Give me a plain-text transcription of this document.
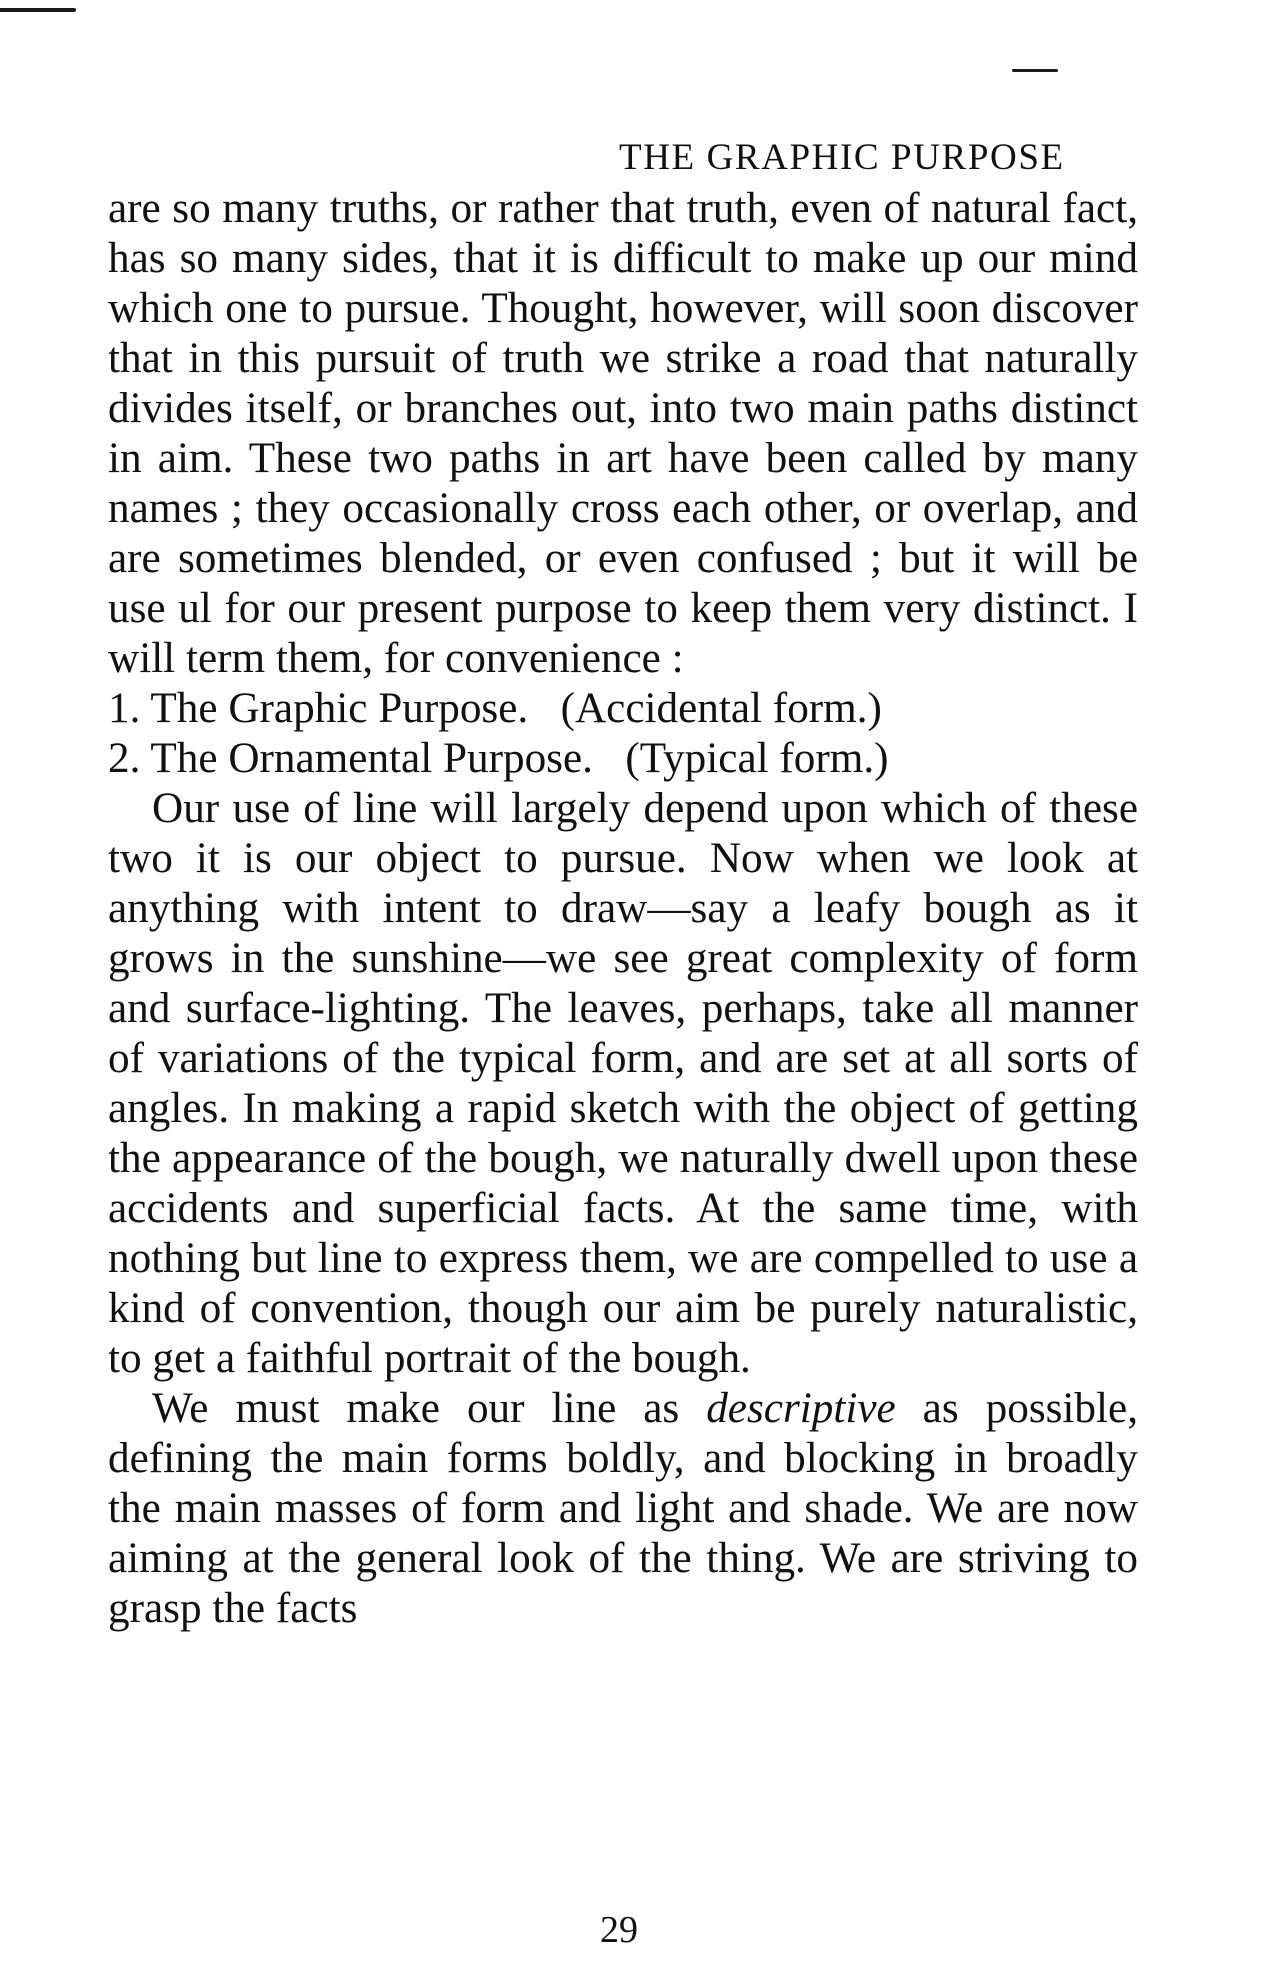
THE GRAPHIC PURPOSE

are so many truths, or rather that truth, even of natural fact, has so many sides, that it is difficult to make up our mind which one to pursue. Thought, however, will soon discover that in this pursuit of truth we strike a road that naturally divides itself, or branches out, into two main paths distinct in aim. These two paths in art have been called by many names ; they occasionally cross each other, or overlap, and are sometimes blended, or even confused ; but it will be use ul for our present purpose to keep them very distinct. I will term them, for convenience :

1. The Graphic Purpose.   (Accidental form.)
2. The Ornamental Purpose.   (Typical form.)

Our use of line will largely depend upon which of these two it is our object to pursue. Now when we look at anything with intent to draw—say a leafy bough as it grows in the sunshine—we see great complexity of form and surface-lighting. The leaves, perhaps, take all manner of variations of the typical form, and are set at all sorts of angles. In making a rapid sketch with the object of getting the appearance of the bough, we naturally dwell upon these accidents and superficial facts. At the same time, with nothing but line to express them, we are compelled to use a kind of convention, though our aim be purely naturalistic, to get a faithful portrait of the bough.

We must make our line as descriptive as possible, defining the main forms boldly, and blocking in broadly the main masses of form and light and shade. We are now aiming at the general look of the thing. We are striving to grasp the facts

29
